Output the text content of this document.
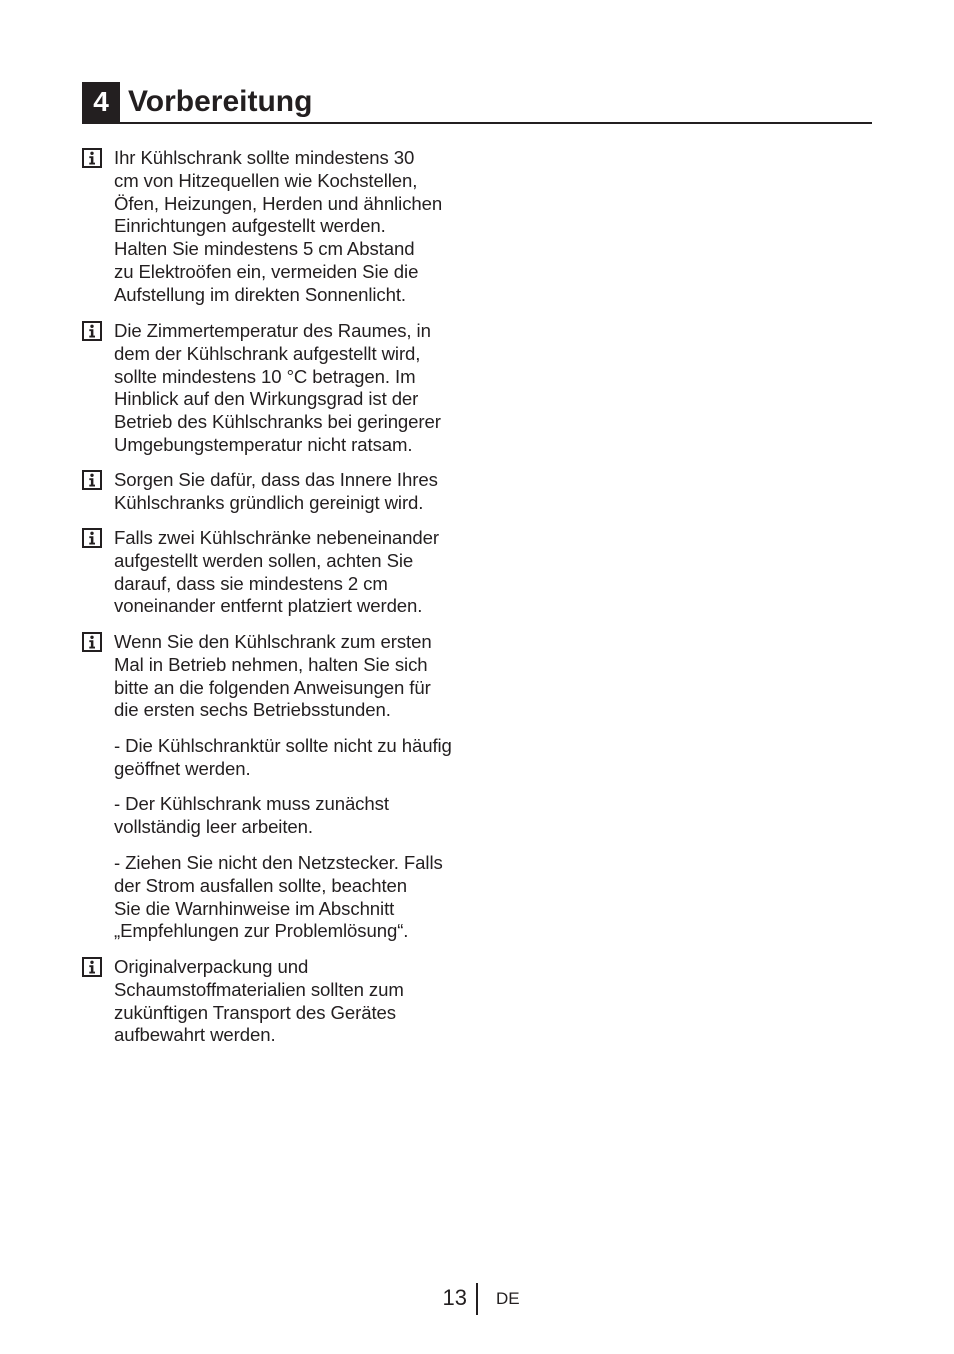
4 Vorbereitung
Ihr Kühlschrank sollte mindestens 30
cm von Hitzequellen wie Kochstellen,
Öfen, Heizungen, Herden und ähnlichen
Einrichtungen aufgestellt werden.
Halten Sie mindestens 5 cm Abstand
zu Elektroöfen ein, vermeiden Sie die
Aufstellung im direkten Sonnenlicht.
Die Zimmertemperatur des Raumes, in
dem der Kühlschrank aufgestellt wird,
sollte mindestens 10 °C betragen. Im
Hinblick auf den Wirkungsgrad ist der
Betrieb des Kühlschranks bei geringerer
Umgebungstemperatur nicht ratsam.
Sorgen Sie dafür, dass das Innere Ihres
Kühlschranks gründlich gereinigt wird.
Falls zwei Kühlschränke nebeneinander
aufgestellt werden sollen, achten Sie
darauf, dass sie mindestens 2 cm
voneinander entfernt platziert werden.
Wenn Sie den Kühlschrank zum ersten
Mal in Betrieb nehmen, halten Sie sich
bitte an die folgenden Anweisungen für
die ersten sechs Betriebsstunden.
- Die Kühlschranktür sollte nicht zu häufig
geöffnet werden.
- Der Kühlschrank muss zunächst
vollständig leer arbeiten.
- Ziehen Sie nicht den Netzstecker. Falls
der Strom ausfallen sollte, beachten
Sie die Warnhinweise im Abschnitt
„Empfehlungen zur Problemlösung“.
Originalverpackung und
Schaumstoffmaterialien sollten zum
zukünftigen Transport des Gerätes
aufbewahrt werden.
13 DE
